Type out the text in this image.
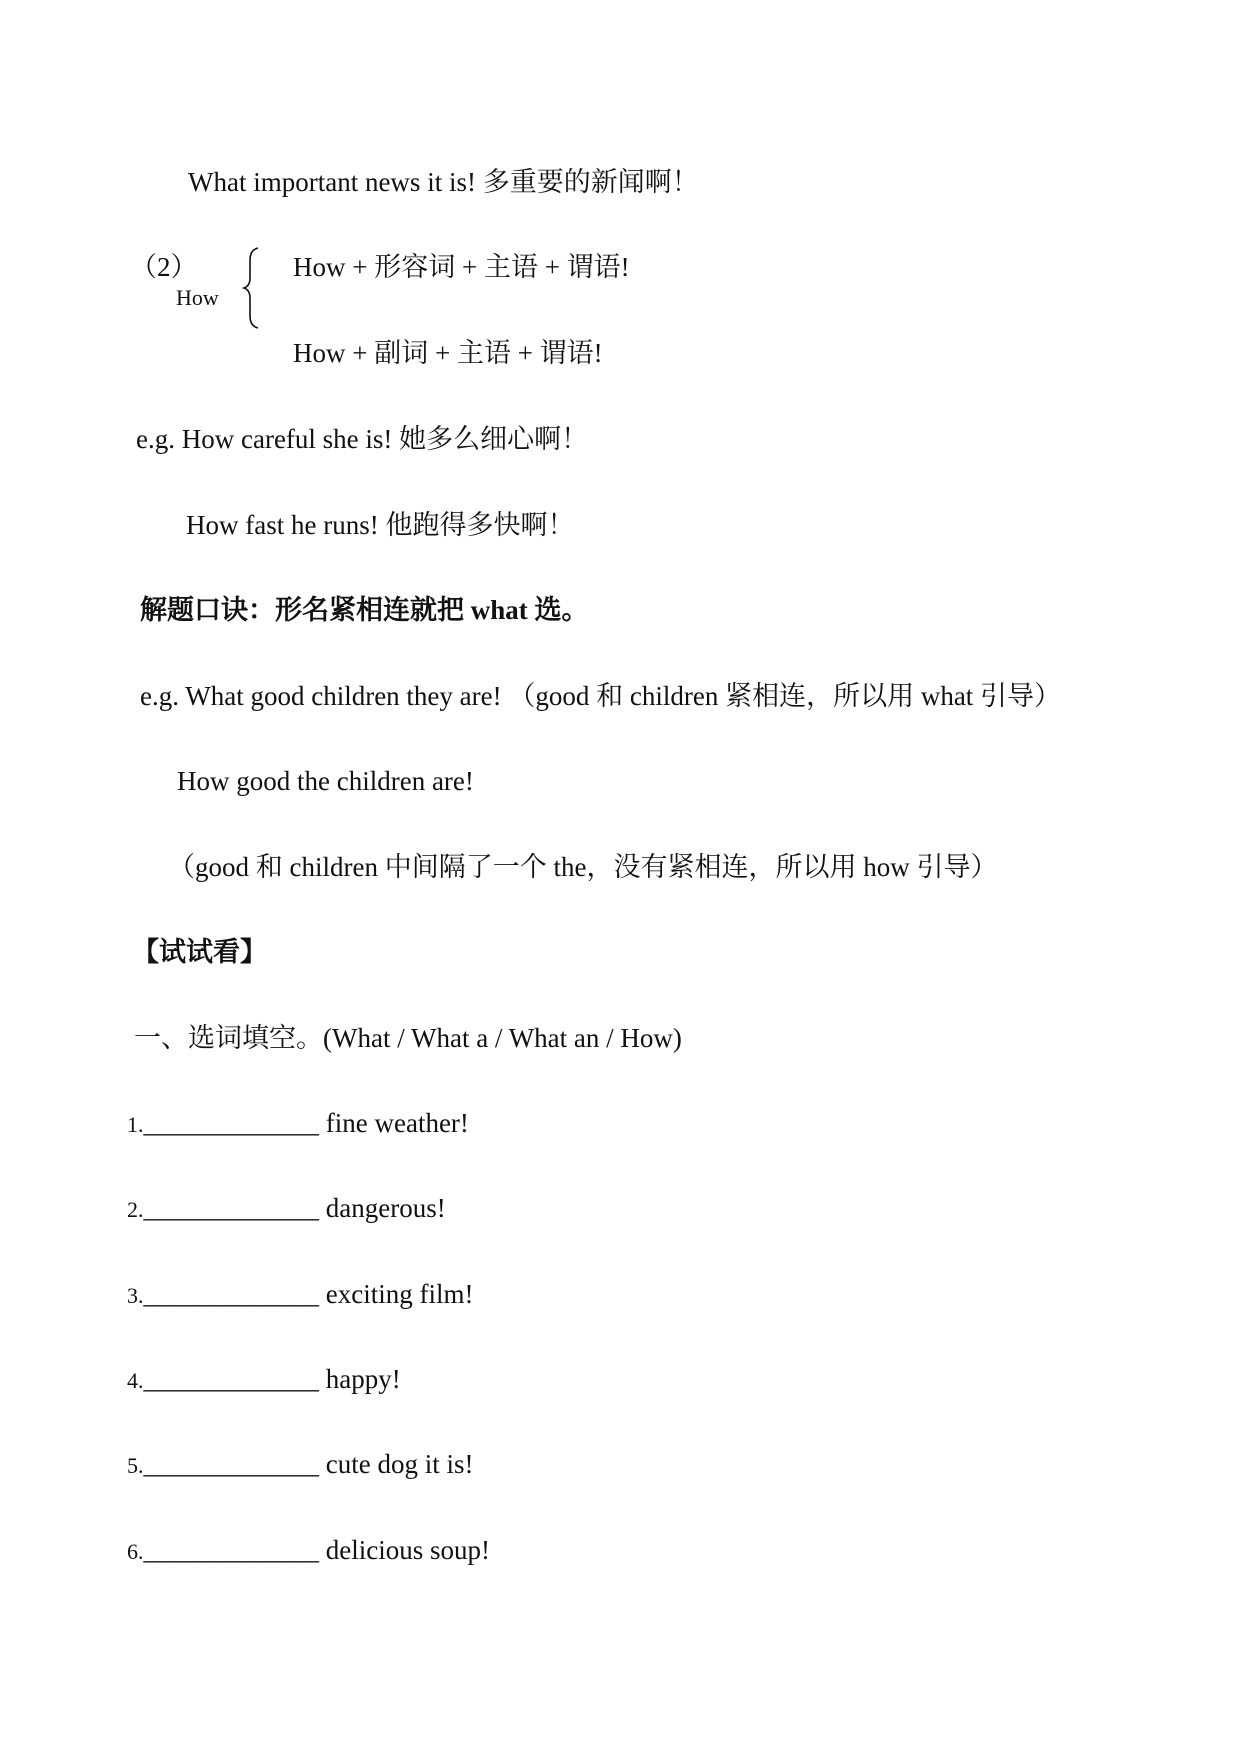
What important news it is! 多重要的新闻啊！

（2）
How

How + 形容词 + 主语 + 谓语!

How + 副词 + 主语 + 谓语!

e.g. How careful she is! 她多么细心啊！

How fast he runs! 他跑得多快啊！

解题口诀：形名紧相连就把 what 选。

e.g. What good children they are! （good 和 children 紧相连，所以用 what 引导）

How good the children are!

（good 和 children 中间隔了一个 the，没有紧相连，所以用 how 引导）

【试试看】

一、选词填空。(What / What a / What an / How)

1._____________ fine weather!
2._____________ dangerous!
3._____________ exciting film!
4._____________ happy!
5._____________ cute dog it is!
6._____________ delicious soup!
